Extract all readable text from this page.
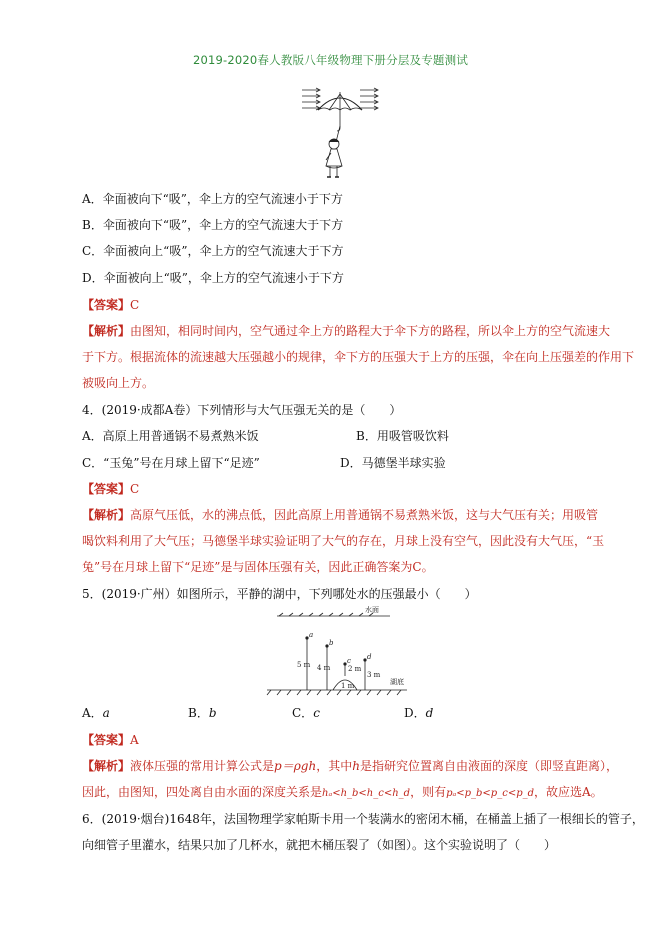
2019-2020春人教版八年级物理下册分层及专题测试
A．伞面被向下“吸”，伞上方的空气流速小于下方
B．伞面被向下“吸”，伞上方的空气流速大于下方
C．伞面被向上“吸”，伞上方的空气流速大于下方
D．伞面被向上“吸”，伞上方的空气流速小于下方
【答案】C
【解析】由图知，相同时间内，空气通过伞上方的路程大于伞下方的路程，所以伞上方的空气流速大
于下方。根据流体的流速越大压强越小的规律，伞下方的压强大于上方的压强，伞在向上压强差的作用下
被吸向上方。
4．(2019·成都A卷）下列情形与大气压强无关的是（　　）
A．高原上用普通锅不易煮熟米饭	B．用吸管吸饮料
C．“玉兔”号在月球上留下“足迹”	D．马德堡半球实验
【答案】C
【解析】高原气压低，水的沸点低，因此高原上用普通锅不易煮熟米饭，这与大气压有关；用吸管
喝饮料利用了大气压；马德堡半球实验证明了大气的存在，月球上没有空气，因此没有大气压，“玉
兔”号在月球上留下“足迹”是与固体压强有关，因此正确答案为C。
5．(2019·广州）如图所示，平静的湖中，下列哪处水的压强最小（　　）
水面
湖底
a
b
c d
5 m 4 m	2 m
3 m
1 m
A．a	B．b	C．c	D．d
【答案】A
【解析】液体压强的常用计算公式是p＝ρgh，其中h是指研究位置离自由液面的深度（即竖直距离），
因此，由图知，四处离自由水面的深度关系是hₐ<h_b<h_c<h_d，则有pₐ<p_b<p_c<p_d，故应选A。
6．(2019·烟台)1648年，法国物理学家帕斯卡用一个装满水的密闭木桶，在桶盖上插了一根细长的管子，
向细管子里灌水，结果只加了几杯水，就把木桶压裂了（如图）。这个实验说明了（　　）
